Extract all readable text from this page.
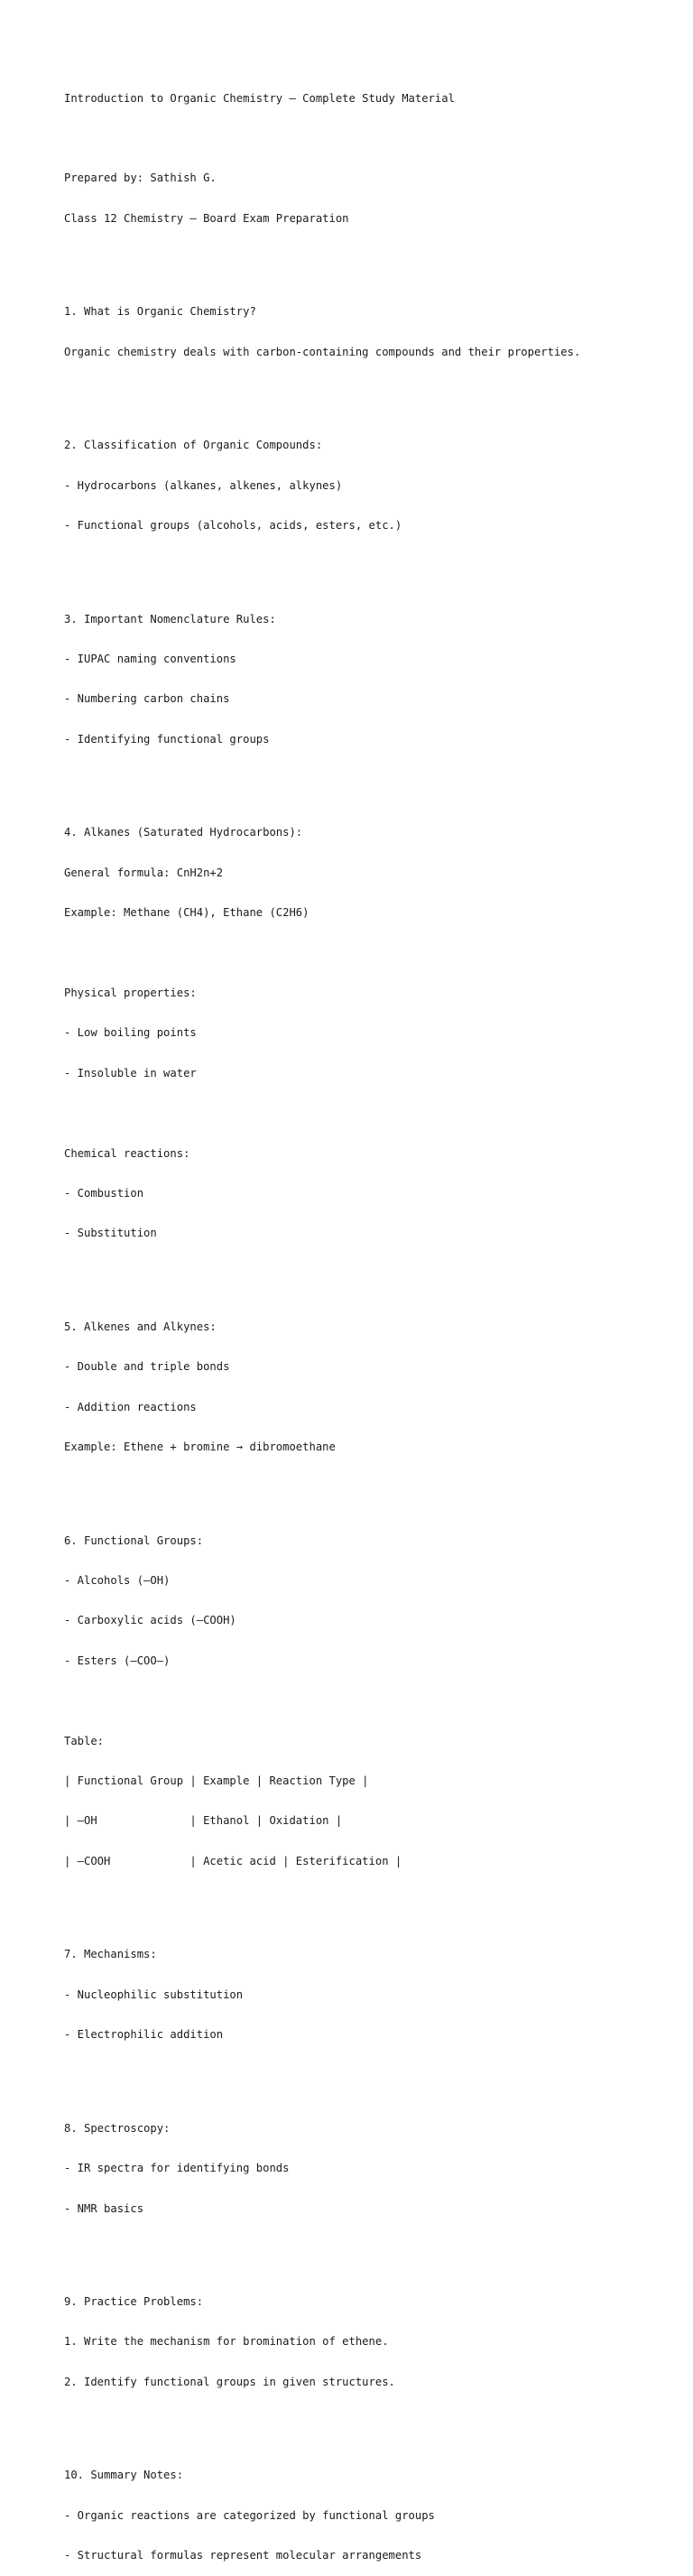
Introduction to Organic Chemistry – Complete Study Material

Prepared by: Sathish G.

Class 12 Chemistry – Board Exam Preparation

1. What is Organic Chemistry?

Organic chemistry deals with carbon-containing compounds and their properties.

2. Classification of Organic Compounds:

- Hydrocarbons (alkanes, alkenes, alkynes)

- Functional groups (alcohols, acids, esters, etc.)

3. Important Nomenclature Rules:

- IUPAC naming conventions

- Numbering carbon chains

- Identifying functional groups

4. Alkanes (Saturated Hydrocarbons):

General formula: CnH2n+2

Example: Methane (CH4), Ethane (C2H6)

Physical properties:

- Low boiling points

- Insoluble in water

Chemical reactions:

- Combustion

- Substitution

5. Alkenes and Alkynes:

- Double and triple bonds

- Addition reactions

Example: Ethene + bromine → dibromoethane

6. Functional Groups:

- Alcohols (–OH)

- Carboxylic acids (–COOH)

- Esters (–COO–)

Table:

| Functional Group | Example | Reaction Type |

| –OH              | Ethanol | Oxidation |

| –COOH            | Acetic acid | Esterification |

7. Mechanisms:

- Nucleophilic substitution

- Electrophilic addition

8. Spectroscopy:

- IR spectra for identifying bonds

- NMR basics

9. Practice Problems:

1. Write the mechanism for bromination of ethene.

2. Identify functional groups in given structures.

10. Summary Notes:

- Organic reactions are categorized by functional groups

- Structural formulas represent molecular arrangements
